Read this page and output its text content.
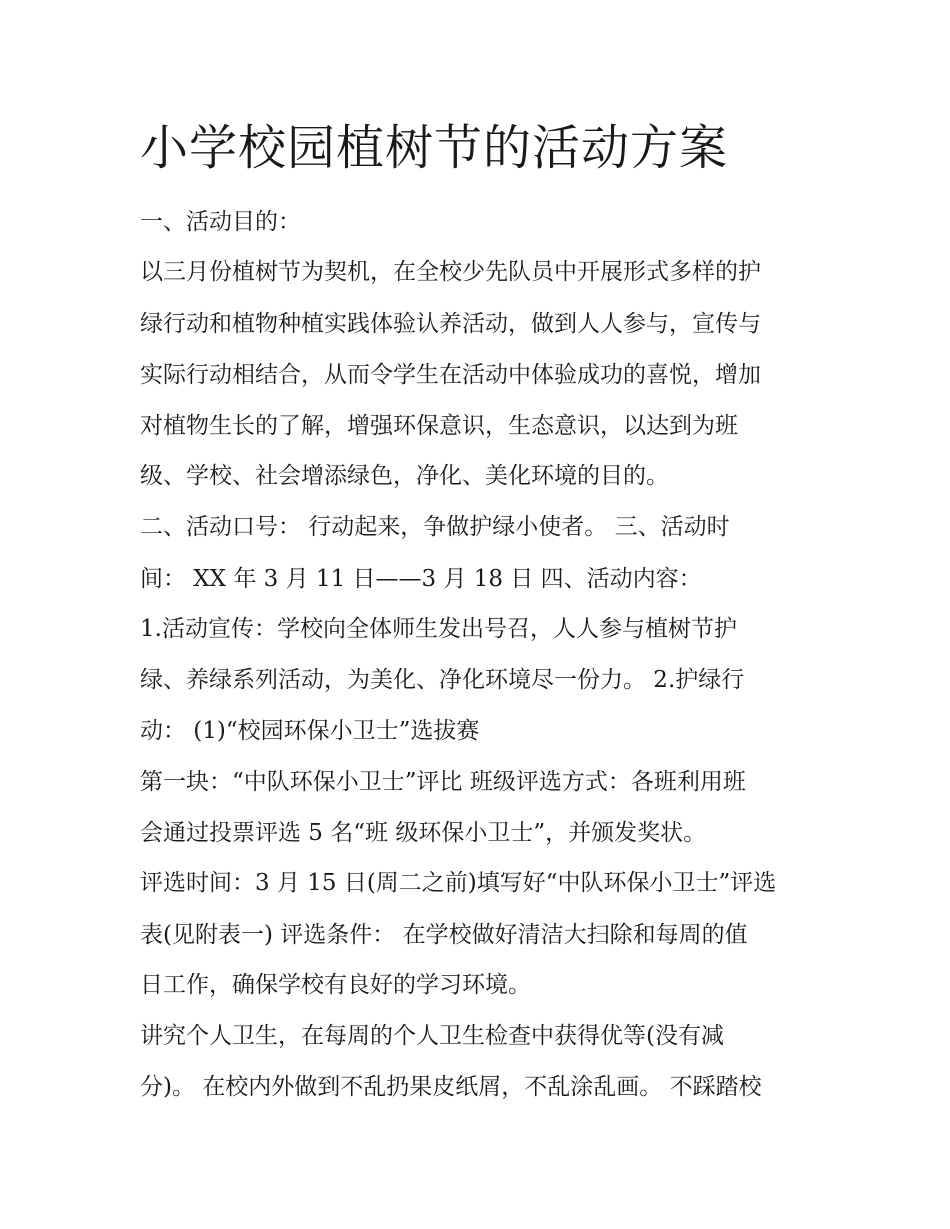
小学校园植树节的活动方案

一、活动目的：

以三月份植树节为契机，在全校少先队员中开展形式多样的护

绿行动和植物种植实践体验认养活动，做到人人参与，宣传与

实际行动相结合，从而令学生在活动中体验成功的喜悦，增加

对植物生长的了解，增强环保意识，生态意识，以达到为班

级、学校、社会增添绿色，净化、美化环境的目的。

二、活动口号： 行动起来，争做护绿小使者。 三、活动时

间： XX 年 3 月 11 日——3 月 18 日 四、活动内容：

1.活动宣传：学校向全体师生发出号召，人人参与植树节护

绿、养绿系列活动，为美化、净化环境尽一份力。 2.护绿行

动： (1)“校园环保小卫士”选拔赛

第一块：“中队环保小卫士”评比 班级评选方式：各班利用班

会通过投票评选 5 名“班 级环保小卫士”，并颁发奖状。

评选时间：3 月 15 日(周二之前)填写好“中队环保小卫士”评选

表(见附表一) 评选条件： 在学校做好清洁大扫除和每周的值

日工作，确保学校有良好的学习环境。

讲究个人卫生，在每周的个人卫生检查中获得优等(没有减

分)。 在校内外做到不乱扔果皮纸屑，不乱涂乱画。 不踩踏校
